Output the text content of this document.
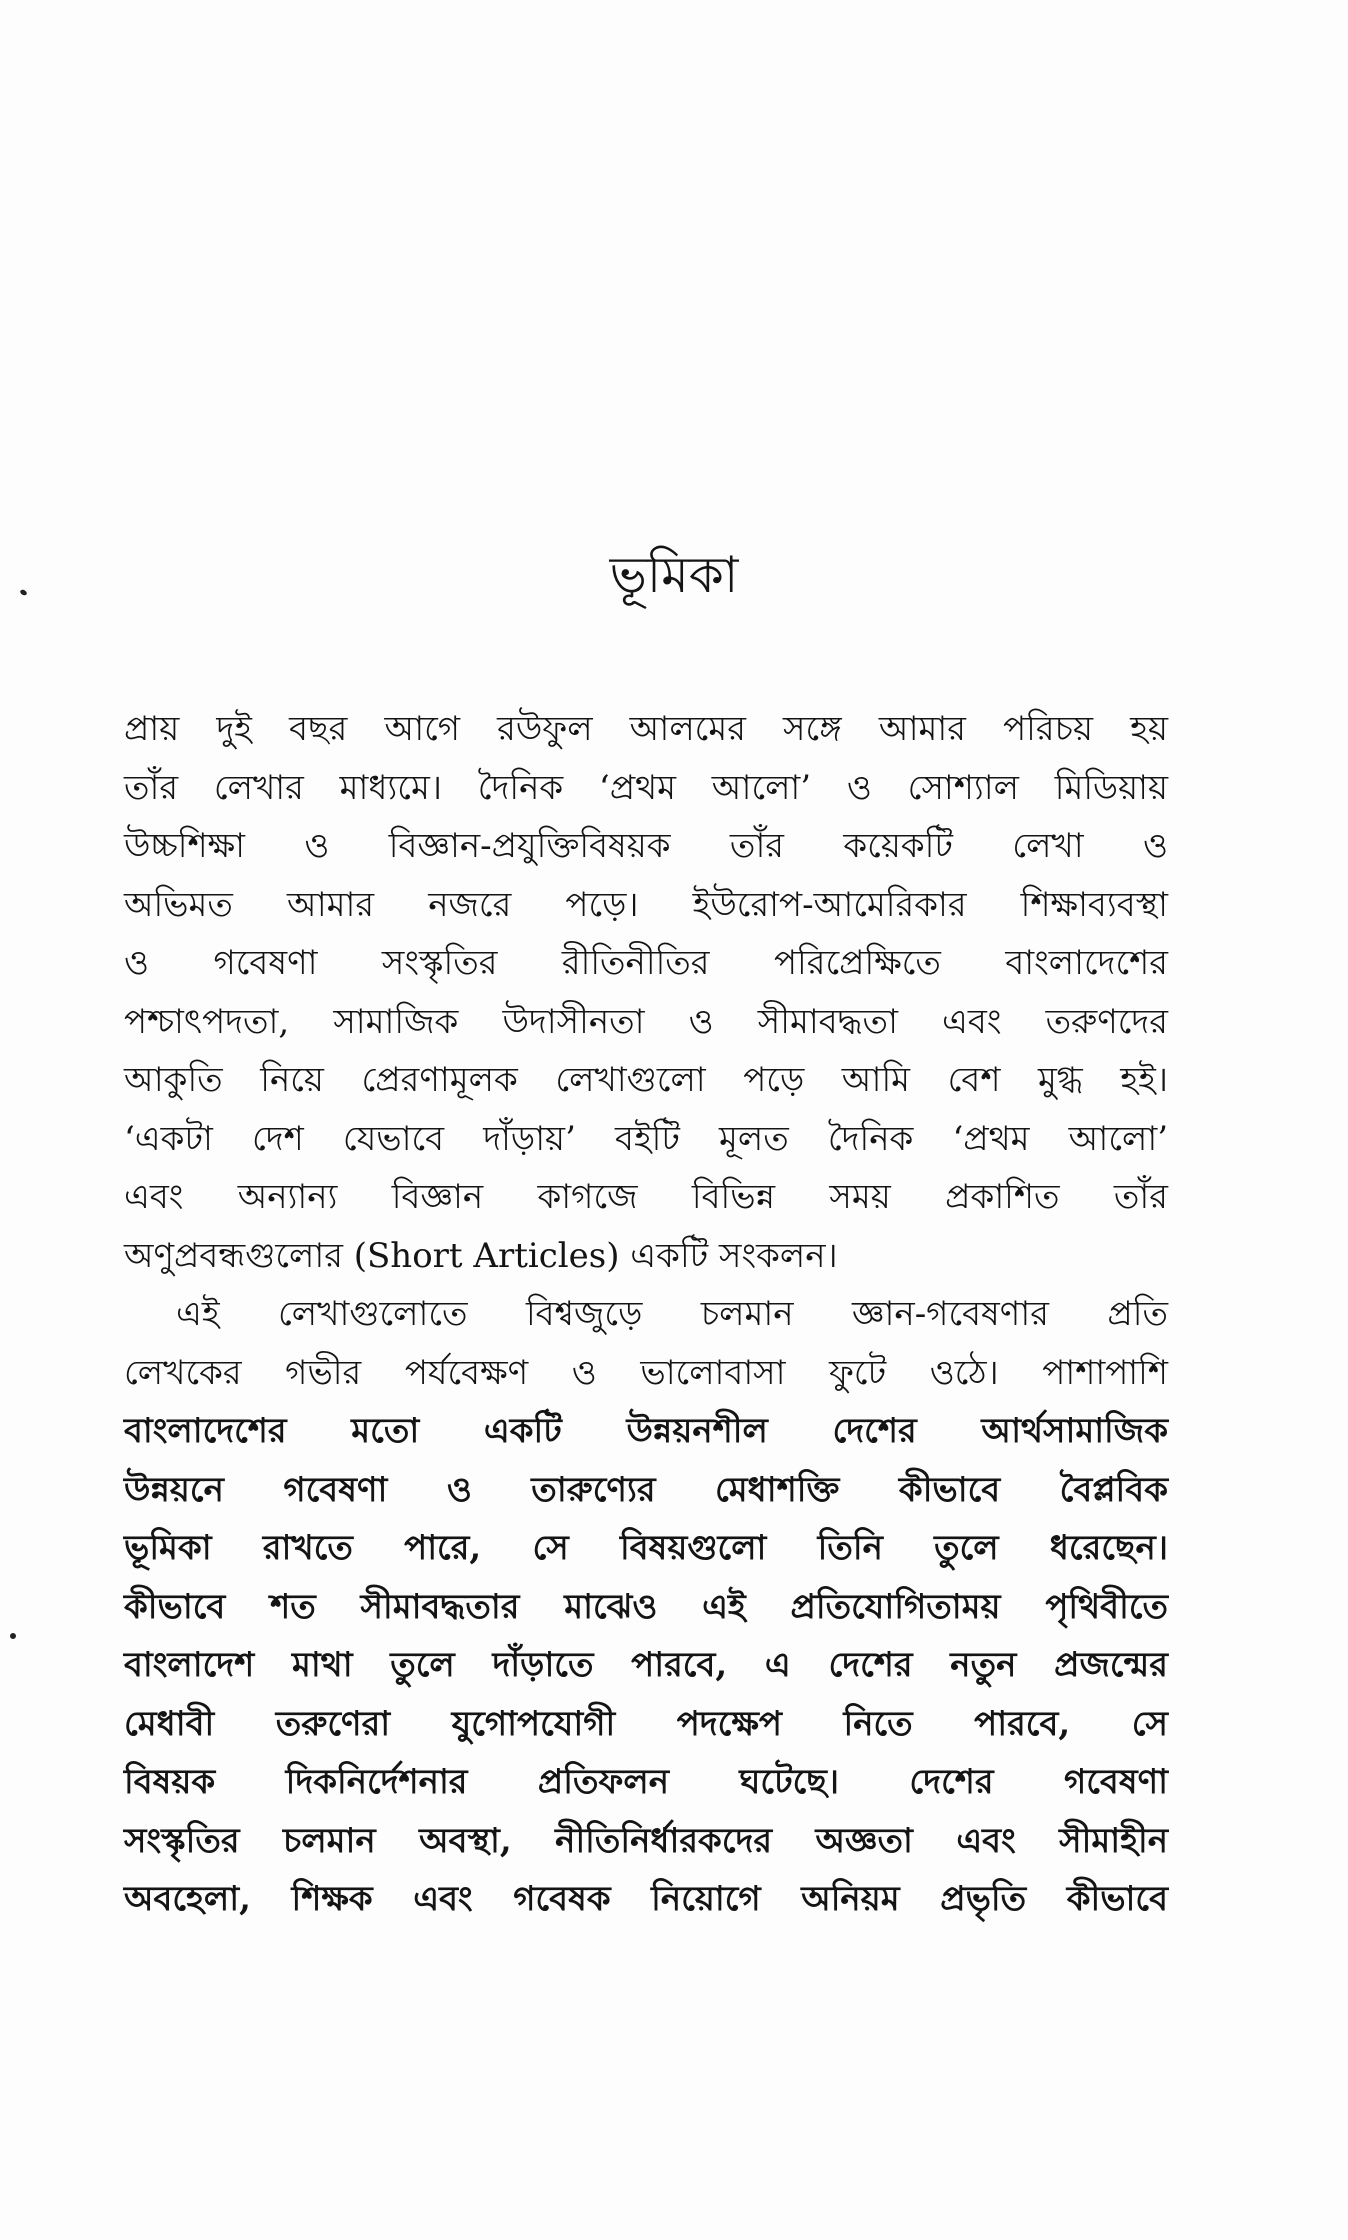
ভূমিকা
প্রায় দুই বছর আগে রউফুল আলমের সঙ্গে আমার পরিচয় হয়
তাঁর লেখার মাধ্যমে। দৈনিক ‘প্রথম আলো’ ও সোশ্যাল মিডিয়ায়
উচ্চশিক্ষা ও বিজ্ঞান-প্রযুক্তিবিষয়ক তাঁর কয়েকটি লেখা ও
অভিমত আমার নজরে পড়ে। ইউরোপ-আমেরিকার শিক্ষাব্যবস্থা
ও গবেষণা সংস্কৃতির রীতিনীতির পরিপ্রেক্ষিতে বাংলাদেশের
পশ্চাৎপদতা, সামাজিক উদাসীনতা ও সীমাবদ্ধতা এবং তরুণদের
আকুতি নিয়ে প্রেরণামূলক লেখাগুলো পড়ে আমি বেশ মুগ্ধ হই।
‘একটা দেশ যেভাবে দাঁড়ায়’ বইটি মূলত দৈনিক ‘প্রথম আলো’
এবং অন্যান্য বিজ্ঞান কাগজে বিভিন্ন সময় প্রকাশিত তাঁর
অণুপ্রবন্ধগুলোর (Short Articles) একটি সংকলন।
এই লেখাগুলোতে বিশ্বজুড়ে চলমান জ্ঞান-গবেষণার প্রতি
লেখকের গভীর পর্যবেক্ষণ ও ভালোবাসা ফুটে ওঠে। পাশাপাশি
বাংলাদেশের মতো একটি উন্নয়নশীল দেশের আর্থসামাজিক
উন্নয়নে গবেষণা ও তারুণ্যের মেধাশক্তি কীভাবে বৈপ্লবিক
ভূমিকা রাখতে পারে, সে বিষয়গুলো তিনি তুলে ধরেছেন।
কীভাবে শত সীমাবদ্ধতার মাঝেও এই প্রতিযোগিতাময় পৃথিবীতে
বাংলাদেশ মাথা তুলে দাঁড়াতে পারবে, এ দেশের নতুন প্রজন্মের
মেধাবী তরুণেরা যুগোপযোগী পদক্ষেপ নিতে পারবে, সে
বিষয়ক দিকনির্দেশনার প্রতিফলন ঘটেছে। দেশের গবেষণা
সংস্কৃতির চলমান অবস্থা, নীতিনির্ধারকদের অজ্ঞতা এবং সীমাহীন
অবহেলা, শিক্ষক এবং গবেষক নিয়োগে অনিয়ম প্রভৃতি কীভাবে
